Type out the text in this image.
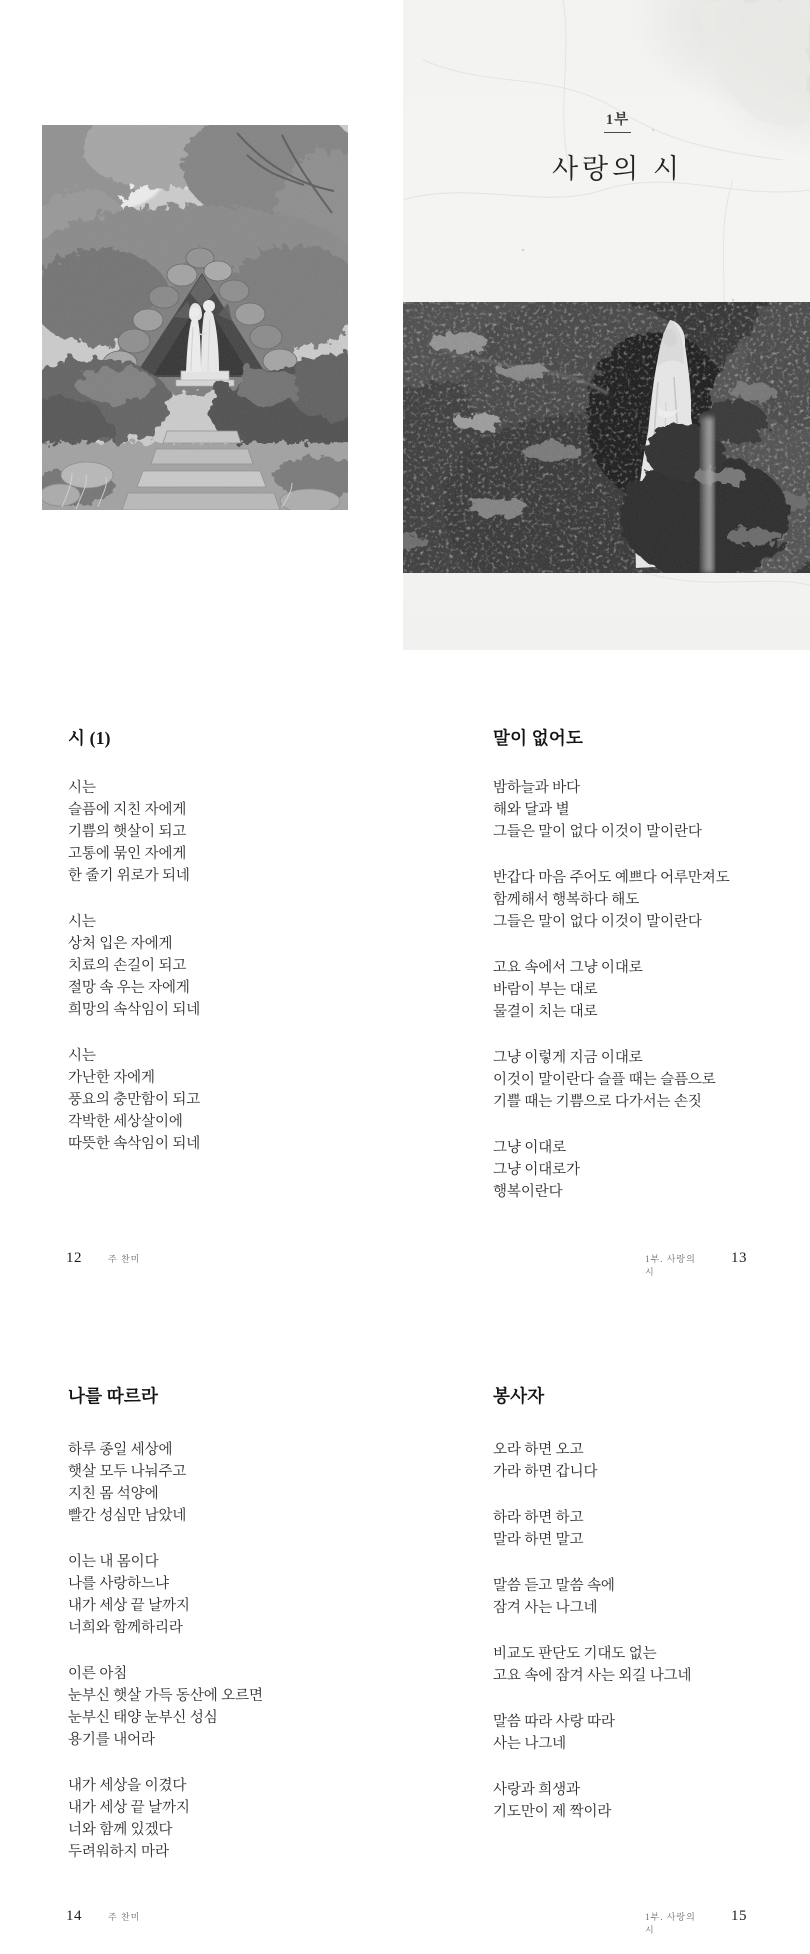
1부
사랑의 시
시 (1)
시는
슬픔에 지친 자에게
기쁨의 햇살이 되고
고통에 묶인 자에게
한 줄기 위로가 되네
시는
상처 입은 자에게
치료의 손길이 되고
절망 속 우는 자에게
희망의 속삭임이 되네
시는
가난한 자에게
풍요의 충만함이 되고
각박한 세상살이에
따뜻한 속삭임이 되네
말이 없어도
밤하늘과 바다
해와 달과 별
그들은 말이 없다 이것이 말이란다
반갑다 마음 주어도 예쁘다 어루만져도
함께해서 행복하다 해도
그들은 말이 없다 이것이 말이란다
고요 속에서 그냥 이대로
바람이 부는 대로
물결이 치는 대로
그냥 이렇게 지금 이대로
이것이 말이란다 슬플 때는 슬픔으로
기쁠 때는 기쁨으로 다가서는 손짓
그냥 이대로
그냥 이대로가
행복이란다
12	주 찬미	1부. 사랑의 시
13
나를 따르라
하루 종일 세상에
햇살 모두 나눠주고
지친 몸 석양에
빨간 성심만 남았네
이는 내 몸이다
나를 사랑하느냐
내가 세상 끝 날까지
너희와 함께하리라
이른 아침
눈부신 햇살 가득 동산에 오르면
눈부신 태양 눈부신 성심
용기를 내어라
내가 세상을 이겼다
내가 세상 끝 날까지
너와 함께 있겠다
두려워하지 마라
봉사자
오라 하면 오고
가라 하면 갑니다
하라 하면 하고
말라 하면 말고
말씀 듣고 말씀 속에
잠겨 사는 나그네
비교도 판단도 기대도 없는
고요 속에 잠겨 사는 외길 나그네
말씀 따라 사랑 따라
사는 나그네
사랑과 희생과
기도만이 제 짝이라
14	주 찬미	1부. 사랑의 시
15
